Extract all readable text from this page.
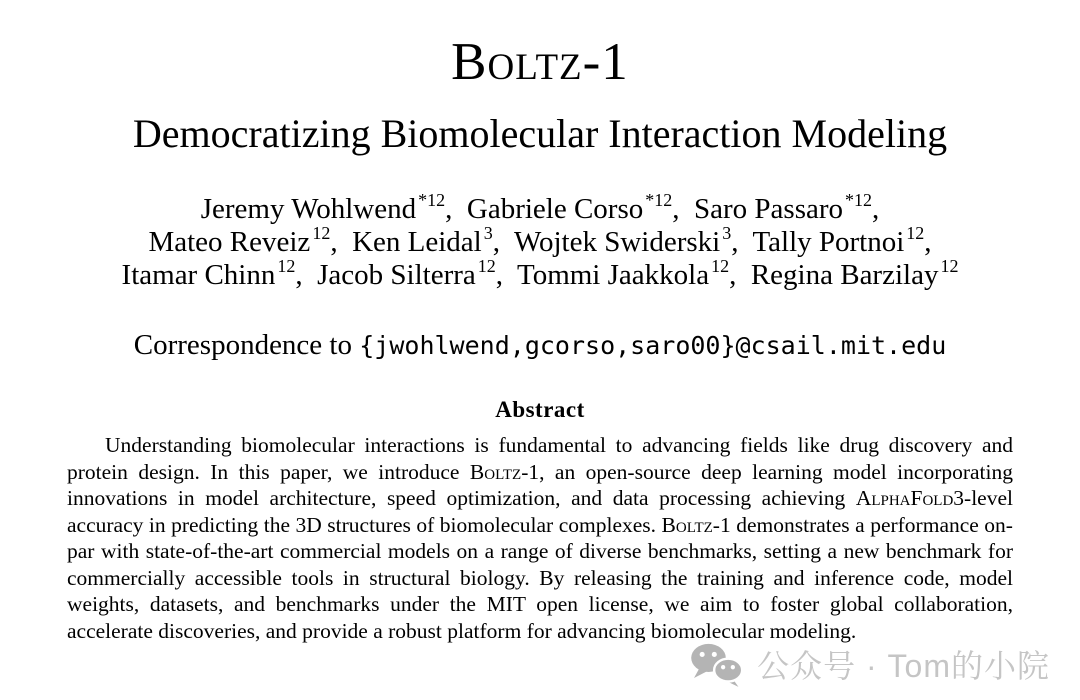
Boltz-1
Democratizing Biomolecular Interaction Modeling
Jeremy Wohlwend $^{*12}$,  Gabriele Corso $^{*12}$,  Saro Passaro $^{*12}$,
Mateo Reveiz $^{12}$,  Ken Leidal $^3$,  Wojtek Swiderski $^3$,  Tally Portnoi $^{12}$,
Itamar Chinn $^{12}$,  Jacob Silterra $^{12}$,  Tommi Jaakkola $^{12}$,  Regina Barzilay $^{12}$
Correspondence to {jwohlwend,gcorso,saro00}@csail.mit.edu
Abstract

Understanding biomolecular interactions is fundamental to advancing fields like drug discovery and protein design. In this paper, we introduce Boltz-1, an open-source deep learning model incorporating innovations in model architecture, speed optimization, and data processing achieving AlphaFold3-level accuracy in predicting the 3D structures of biomolecular complexes. Boltz-1 demonstrates a performance on-par with state-of-the-art commercial models on a range of diverse benchmarks, setting a new benchmark for commercially accessible tools in structural biology. By releasing the training and inference code, model weights, datasets, and benchmarks under the MIT open license, we aim to foster global collaboration, accelerate discoveries, and provide a robust platform for advancing biomolecular modeling.

公众号 · Tom的小院
